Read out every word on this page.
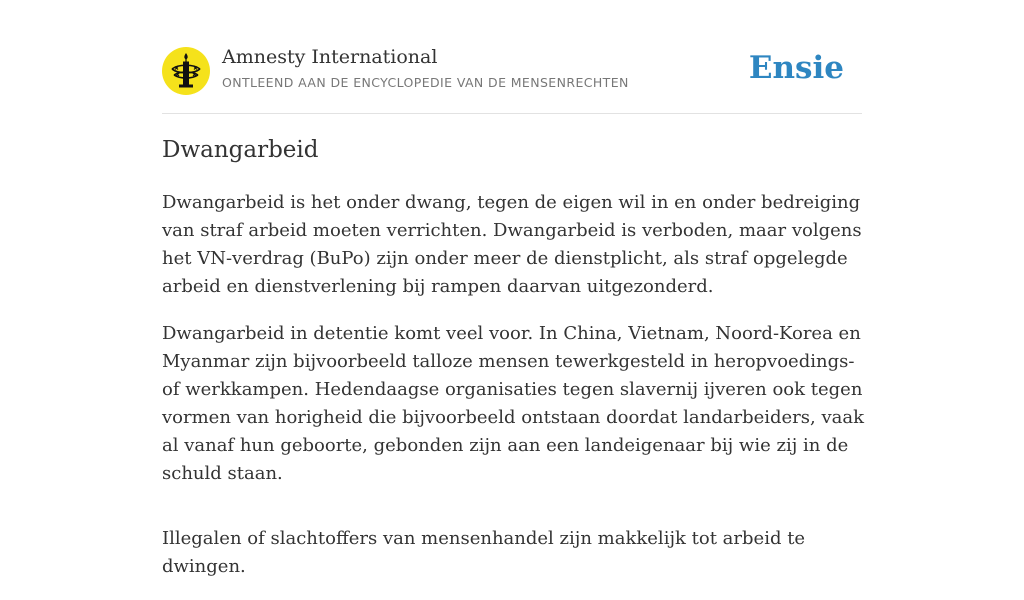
Amnesty International
ONTLEEND AAN DE ENCYCLOPEDIE VAN DE MENSENRECHTEN	Ensie
Dwangarbeid

Dwangarbeid is het onder dwang, tegen de eigen wil in en onder bedreiging van straf arbeid moeten verrichten. Dwangarbeid is verboden, maar volgens het VN-verdrag (BuPo) zijn onder meer de dienstplicht, als straf opgelegde arbeid en dienstverlening bij rampen daarvan uitgezonderd.

Dwangarbeid in detentie komt veel voor. In China, Vietnam, Noord-Korea en Myanmar zijn bijvoorbeeld talloze mensen tewerkgesteld in heropvoedings- of werkkampen. Hedendaagse organisaties tegen slavernij ijveren ook tegen vormen van horigheid die bijvoorbeeld ontstaan doordat landarbeiders, vaak al vanaf hun geboorte, gebonden zijn aan een landeigenaar bij wie zij in de schuld staan.

Illegalen of slachtoffers van mensenhandel zijn makkelijk tot arbeid te dwingen.
